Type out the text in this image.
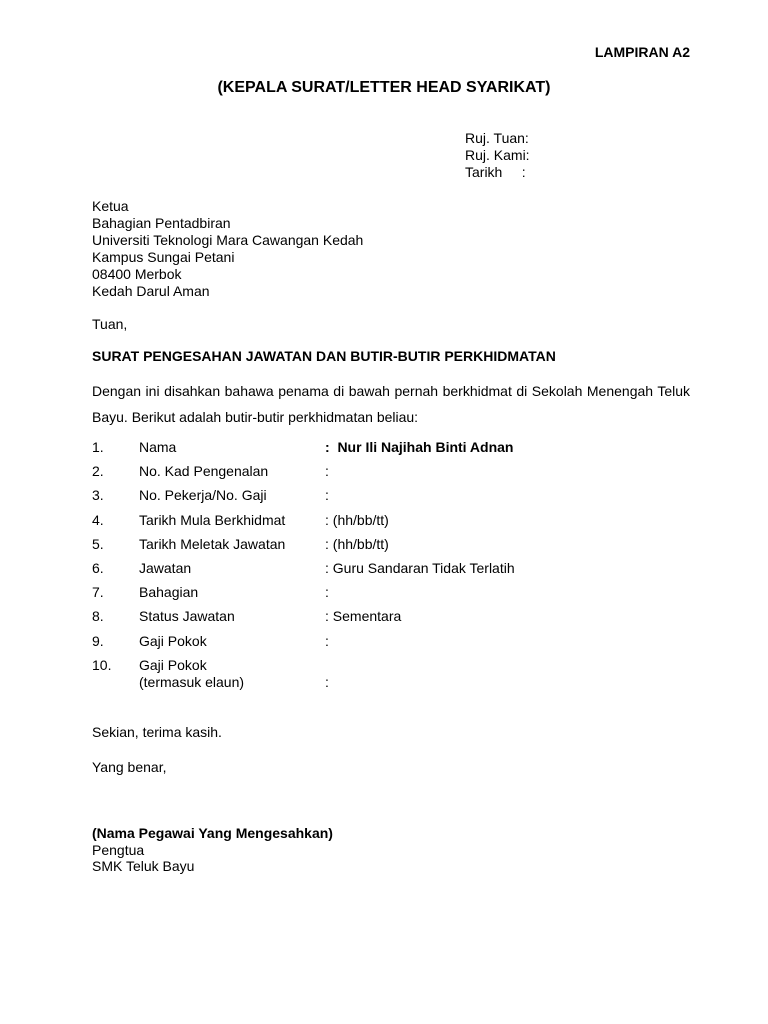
LAMPIRAN A2
(KEPALA SURAT/LETTER HEAD SYARIKAT)
Ruj. Tuan:
Ruj. Kami:
Tarikh     :
Ketua
Bahagian Pentadbiran
Universiti Teknologi Mara Cawangan Kedah
Kampus Sungai Petani
08400 Merbok
Kedah Darul Aman
Tuan,
SURAT PENGESAHAN JAWATAN DAN BUTIR-BUTIR PERKHIDMATAN
Dengan ini disahkan bahawa penama di bawah pernah berkhidmat di Sekolah Menengah Teluk Bayu. Berikut adalah butir-butir perkhidmatan beliau:
1.	Nama	:  Nur Ili Najihah Binti Adnan
2.	No. Kad Pengenalan	:
3.	No. Pekerja/No. Gaji	:
4.	Tarikh Mula Berkhidmat	: (hh/bb/tt)
5.	Tarikh Meletak Jawatan	: (hh/bb/tt)
6.	Jawatan	: Guru Sandaran Tidak Terlatih
7.	Bahagian	:
8.	Status Jawatan	: Sementara
9.	Gaji Pokok	:
10. Gaji Pokok
(termasuk elaun)	:
Sekian, terima kasih.
Yang benar,
(Nama Pegawai Yang Mengesahkan)
Pengtua
SMK Teluk Bayu
